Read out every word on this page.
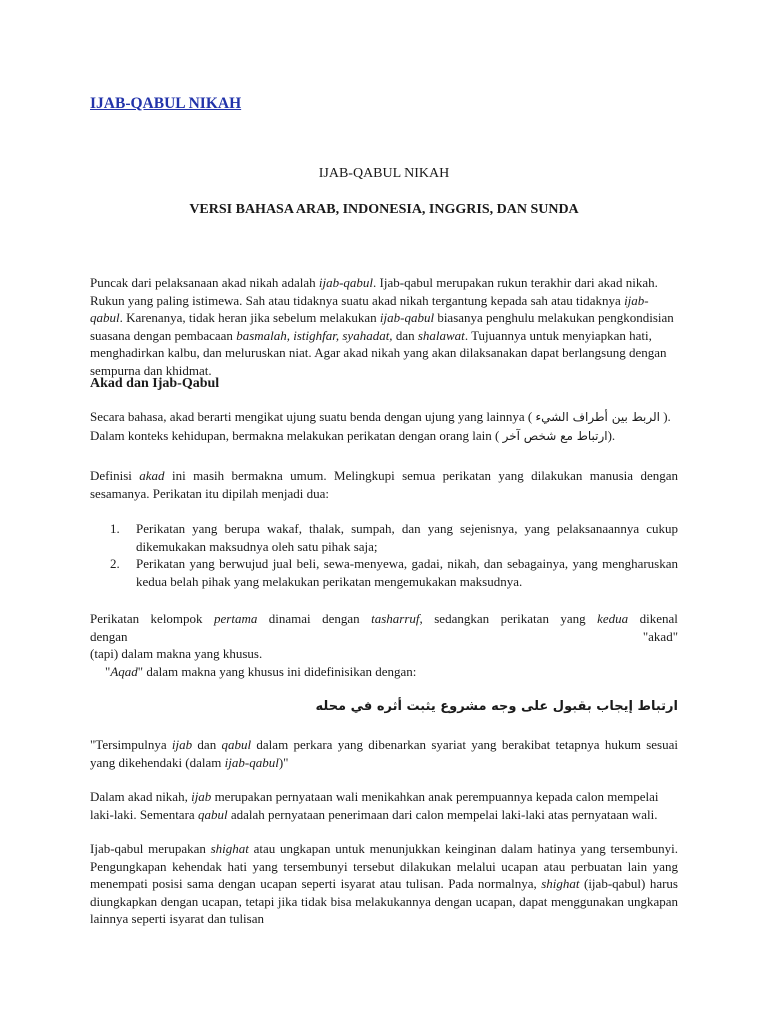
IJAB-QABUL NIKAH

IJAB-QABUL NIKAH

VERSI BAHASA ARAB, INDONESIA, INGGRIS, DAN SUNDA

Puncak dari pelaksanaan akad nikah adalah ijab-qabul. Ijab-qabul merupakan rukun terakhir dari akad nikah. Rukun yang paling istimewa. Sah atau tidaknya suatu akad nikah tergantung kepada sah atau tidaknya ijab-qabul. Karenanya, tidak heran jika sebelum melakukan ijab-qabul biasanya penghulu melakukan pengkondisian suasana dengan pembacaan basmalah, istighfar, syahadat, dan shalawat. Tujuannya untuk menyiapkan hati, menghadirkan kalbu, dan meluruskan niat. Agar akad nikah yang akan dilaksanakan dapat berlangsung dengan sempurna dan khidmat.

Akad dan Ijab-Qabul

Secara bahasa, akad berarti mengikat ujung suatu benda dengan ujung yang lainnya ( الربط بين أطراف الشيء ). Dalam konteks kehidupan, bermakna melakukan perikatan dengan orang lain ( ارتباط مع شخص آخر).

Definisi akad ini masih bermakna umum. Melingkupi semua perikatan yang dilakukan manusia dengan sesamanya. Perikatan itu dipilah menjadi dua:

1. Perikatan yang berupa wakaf, thalak, sumpah, dan yang sejenisnya, yang pelaksanaannya cukup dikemukakan maksudnya oleh satu pihak saja;
2. Perikatan yang berwujud jual beli, sewa-menyewa, gadai, nikah, dan sebagainya, yang mengharuskan kedua belah pihak yang melakukan perikatan mengemukakan maksudnya.
Perikatan kelompok pertama dinamai dengan tasharruf, sedangkan perikatan yang kedua dikenal
dengan	"akad"
(tapi) dalam makna yang khusus.

"Aqad" dalam makna yang khusus ini didefinisikan dengan:

ارتباط إيجاب بقبول على وجه مشروع يثبت أثره في محله

"Tersimpulnya ijab dan qabul dalam perkara yang dibenarkan syariat yang berakibat tetapnya hukum sesuai yang dikehendaki (dalam ijab-qabul)"

Dalam akad nikah, ijab merupakan pernyataan wali menikahkan anak perempuannya kepada calon mempelai laki-laki. Sementara qabul adalah pernyataan penerimaan dari calon mempelai laki-laki atas pernyataan wali.

Ijab-qabul merupakan shighat atau ungkapan untuk menunjukkan keinginan dalam hatinya yang tersembunyi. Pengungkapan kehendak hati yang tersembunyi tersebut dilakukan melalui ucapan atau perbuatan lain yang menempati posisi sama dengan ucapan seperti isyarat atau tulisan. Pada normalnya, shighat (ijab-qabul) harus diungkapkan dengan ucapan, tetapi jika tidak bisa melakukannya dengan ucapan, dapat menggunakan ungkapan lainnya seperti isyarat dan tulisan
